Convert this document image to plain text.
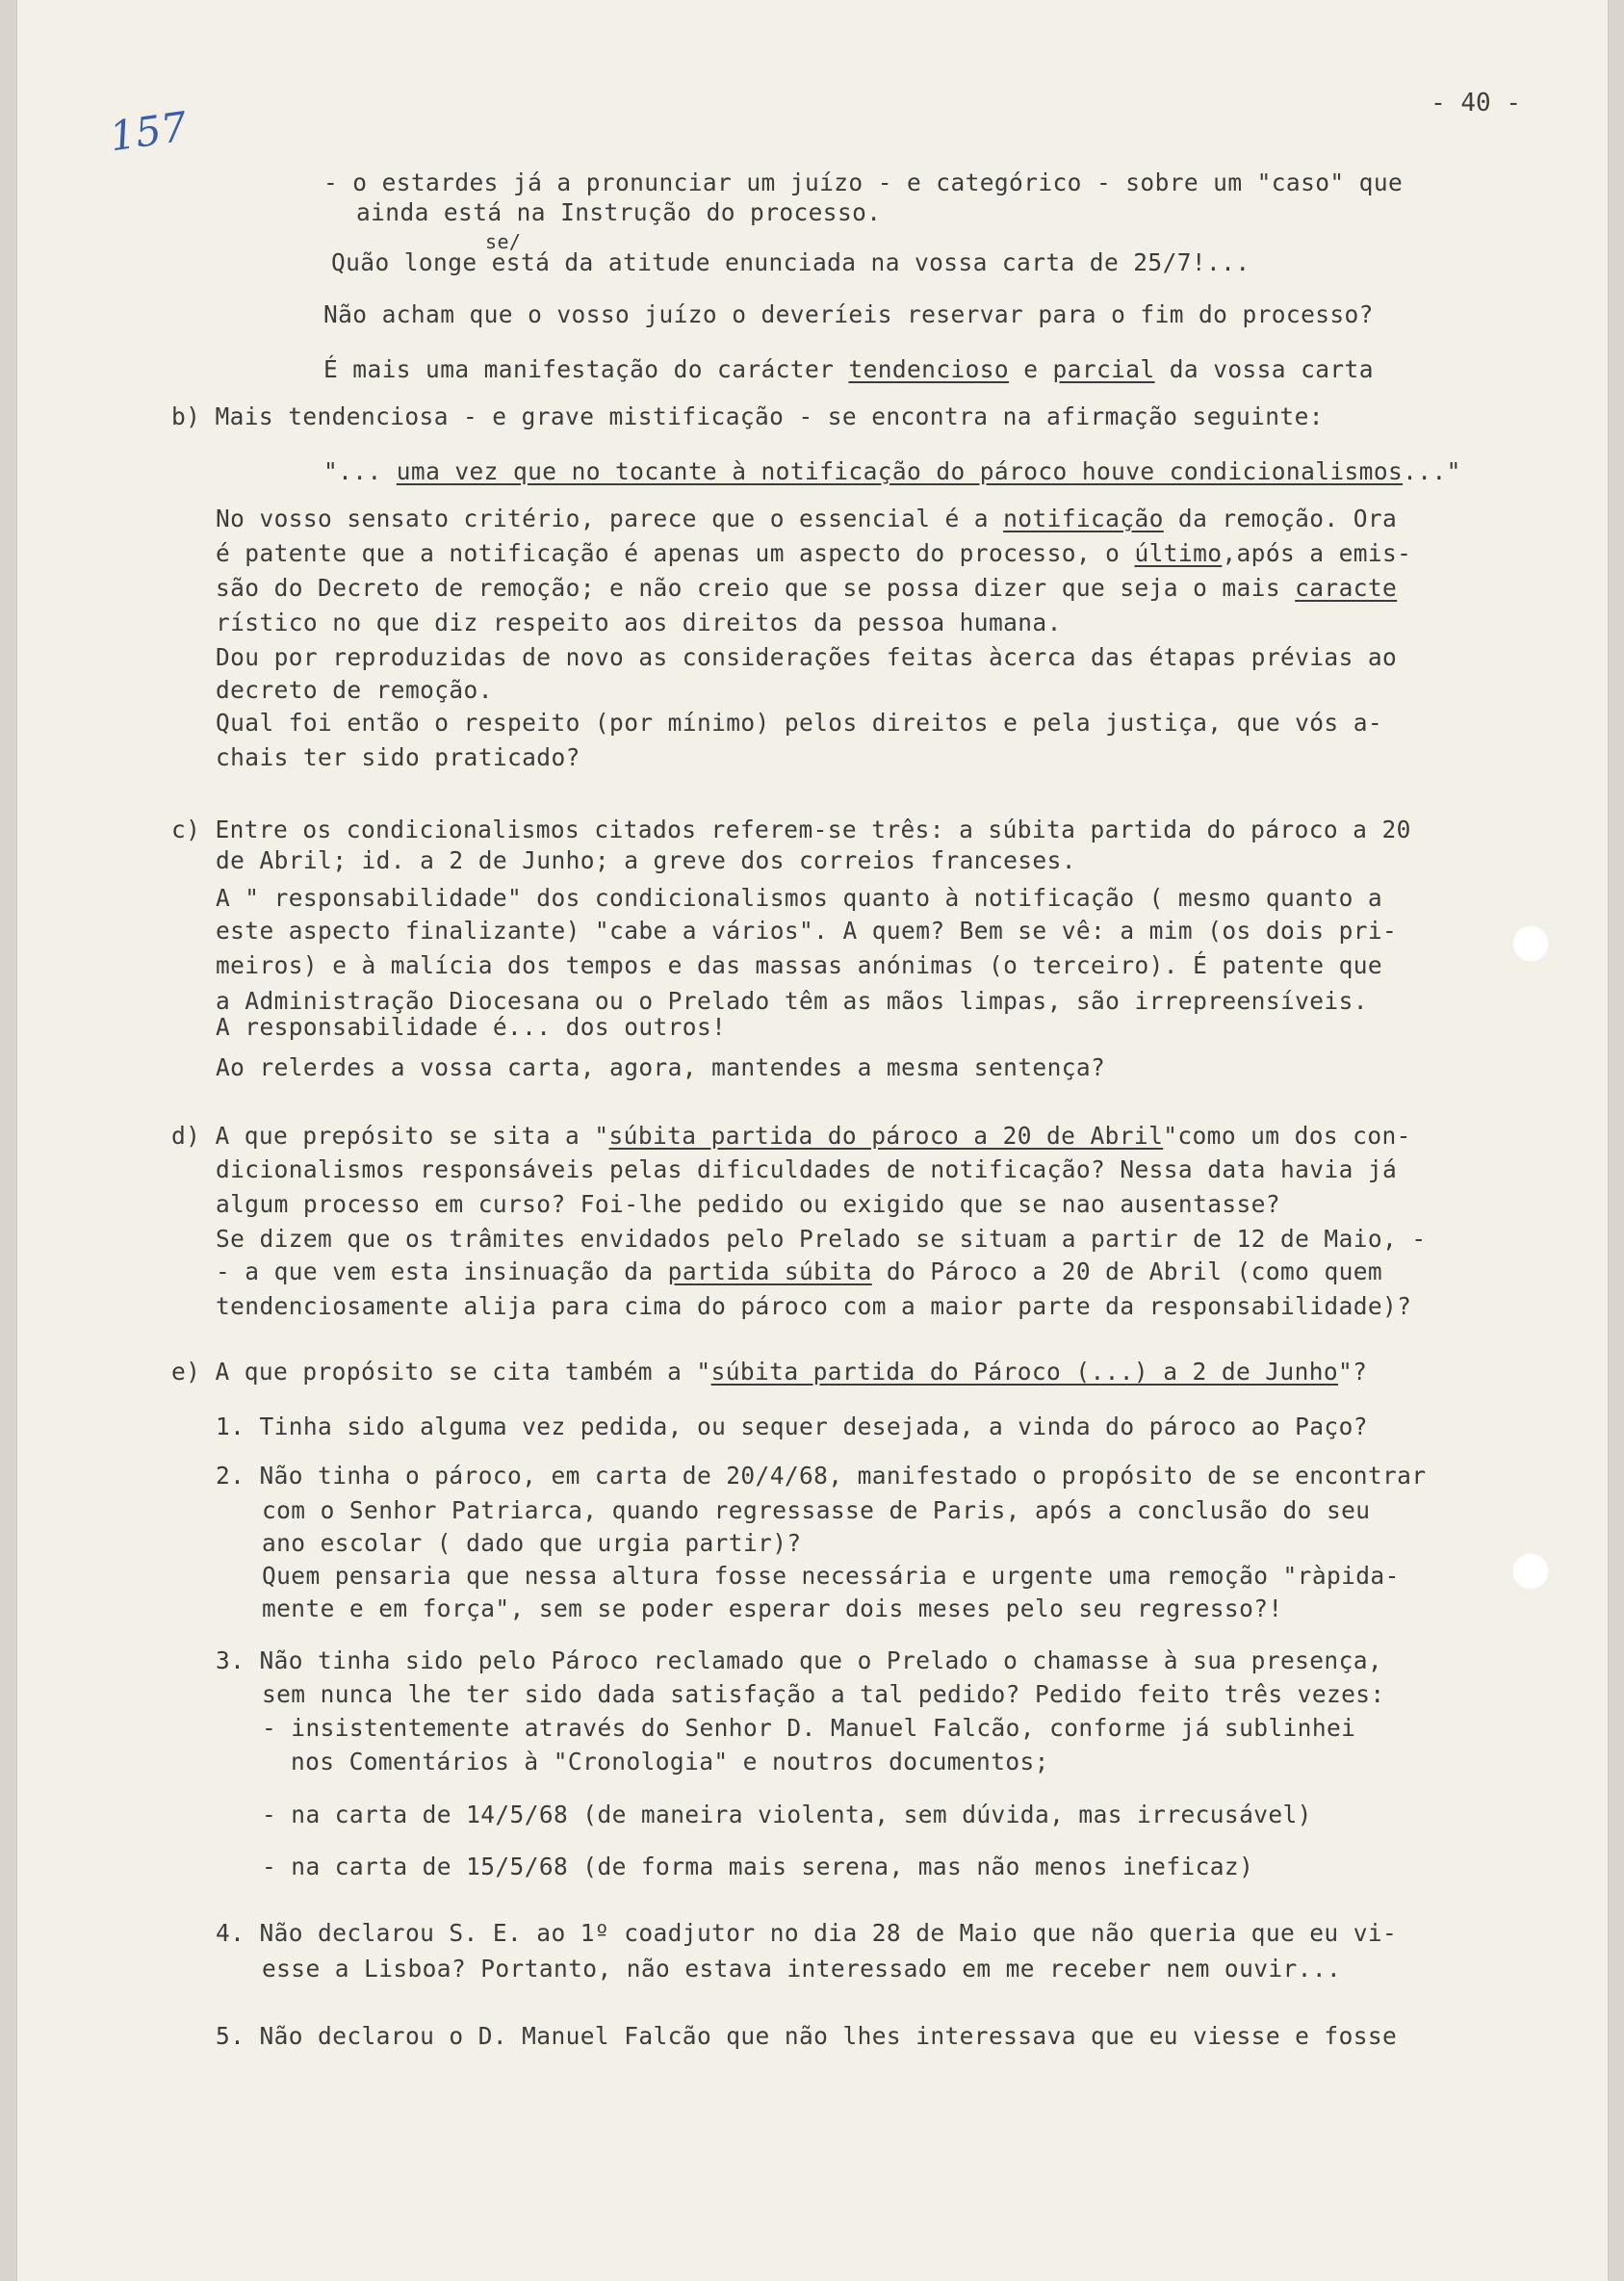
157	- 40 -
- o estardes já a pronunciar um juízo - e categórico - sobre um "caso" que
ainda está na Instrução do processo.
se/
Quão longe está da atitude enunciada na vossa carta de 25/7!...
Não acham que o vosso juízo o deveríeis reservar para o fim do processo?
É mais uma manifestação do carácter tendencioso e parcial da vossa carta
b) Mais tendenciosa - e grave mistificação - se encontra na afirmação seguinte:
"... uma vez que no tocante à notificação do pároco houve condicionalismos..."
No vosso sensato critério, parece que o essencial é a notificação da remoção. Ora
é patente que a notificação é apenas um aspecto do processo, o último,após a emis-
são do Decreto de remoção; e não creio que se possa dizer que seja o mais caracte
rístico no que diz respeito aos direitos da pessoa humana.
Dou por reproduzidas de novo as considerações feitas àcerca das étapas prévias ao
decreto de remoção.
Qual foi então o respeito (por mínimo) pelos direitos e pela justiça, que vós a-
chais ter sido praticado?
c) Entre os condicionalismos citados referem-se três: a súbita partida do pároco a 20
de Abril; id. a 2 de Junho; a greve dos correios franceses.
A " responsabilidade" dos condicionalismos quanto à notificação ( mesmo quanto a
este aspecto finalizante) "cabe a vários". A quem? Bem se vê: a mim (os dois pri-
meiros) e à malícia dos tempos e das massas anónimas (o terceiro). É patente que
a Administração Diocesana ou o Prelado têm as mãos limpas, são irrepreensíveis.
A responsabilidade é... dos outros!
Ao relerdes a vossa carta, agora, mantendes a mesma sentença?
d) A que prepósito se sita a "súbita partida do pároco a 20 de Abril"como um dos con-
dicionalismos responsáveis pelas dificuldades de notificação? Nessa data havia já
algum processo em curso? Foi-lhe pedido ou exigido que se nao ausentasse?
Se dizem que os trâmites envidados pelo Prelado se situam a partir de 12 de Maio, -
- a que vem esta insinuação da partida súbita do Pároco a 20 de Abril (como quem
tendenciosamente alija para cima do pároco com a maior parte da responsabilidade)?
e) A que propósito se cita também a "súbita partida do Pároco (...) a 2 de Junho"?
1. Tinha sido alguma vez pedida, ou sequer desejada, a vinda do pároco ao Paço?
2. Não tinha o pároco, em carta de 20/4/68, manifestado o propósito de se encontrar
com o Senhor Patriarca, quando regressasse de Paris, após a conclusão do seu
ano escolar ( dado que urgia partir)?
Quem pensaria que nessa altura fosse necessária e urgente uma remoção "ràpida-
mente e em força", sem se poder esperar dois meses pelo seu regresso?!
3. Não tinha sido pelo Pároco reclamado que o Prelado o chamasse à sua presença,
sem nunca lhe ter sido dada satisfação a tal pedido? Pedido feito três vezes:
- insistentemente através do Senhor D. Manuel Falcão, conforme já sublinhei
nos Comentários à "Cronologia" e noutros documentos;
- na carta de 14/5/68 (de maneira violenta, sem dúvida, mas irrecusável)
- na carta de 15/5/68 (de forma mais serena, mas não menos ineficaz)
4. Não declarou S. E. ao 1º coadjutor no dia 28 de Maio que não queria que eu vi-
esse a Lisboa? Portanto, não estava interessado em me receber nem ouvir...
5. Não declarou o D. Manuel Falcão que não lhes interessava que eu viesse e fosse
